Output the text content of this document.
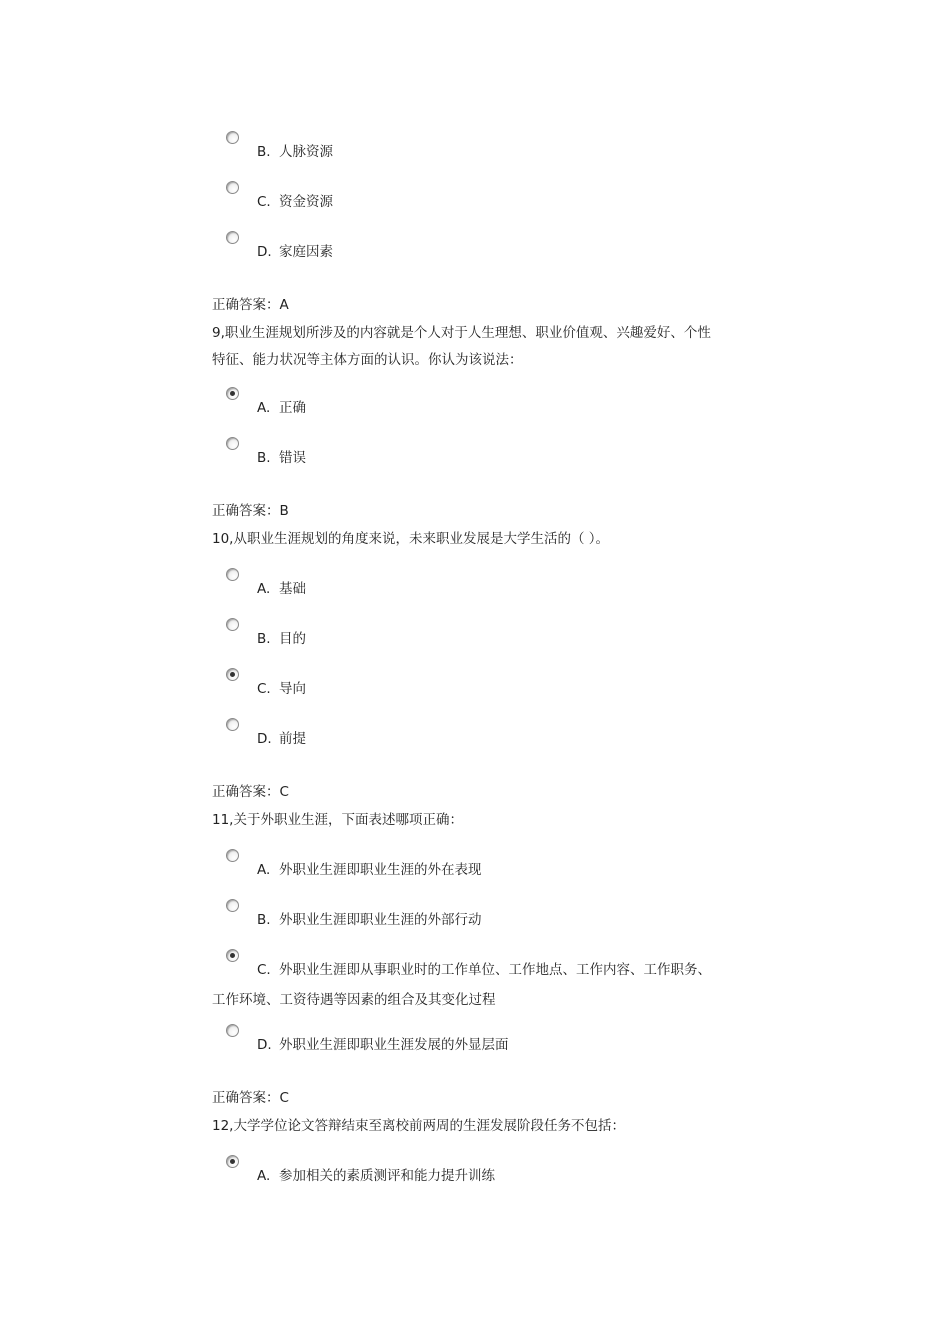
B. 人脉资源
C. 资金资源
D. 家庭因素
正确答案：A
9,职业生涯规划所涉及的内容就是个人对于人生理想、职业价值观、兴趣爱好、个性
特征、能力状况等主体方面的认识。你认为该说法：
A. 正确
B. 错误
正确答案：B
10,从职业生涯规划的角度来说，未来职业发展是大学生活的（ ）。
A. 基础
B. 目的
C. 导向
D. 前提
正确答案：C
11,关于外职业生涯，下面表述哪项正确：
A. 外职业生涯即职业生涯的外在表现
B. 外职业生涯即职业生涯的外部行动
C. 外职业生涯即从事职业时的工作单位、工作地点、工作内容、工作职务、
工作环境、工资待遇等因素的组合及其变化过程
D. 外职业生涯即职业生涯发展的外显层面
正确答案：C
12,大学学位论文答辩结束至离校前两周的生涯发展阶段任务不包括：
A. 参加相关的素质测评和能力提升训练
